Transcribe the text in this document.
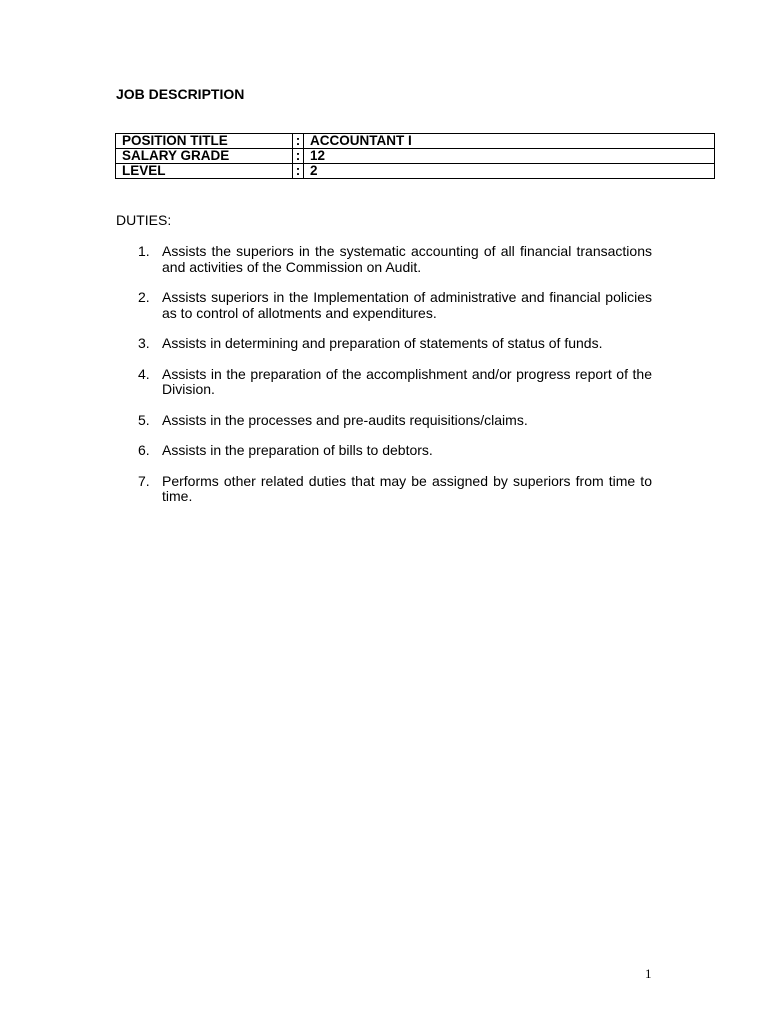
JOB DESCRIPTION
POSITION TITLE	:	ACCOUNTANT I
SALARY GRADE	:	12
LEVEL	:	2
DUTIES:
1. Assists the superiors in the systematic accounting of all financial transactions and activities of the Commission on Audit.
2. Assists superiors in the Implementation of administrative and financial policies as to control of allotments and expenditures.
3. Assists in determining and preparation of statements of status of funds.
4. Assists in the preparation of the accomplishment and/or progress report of the Division.
5. Assists in the processes and pre-audits requisitions/claims.
6. Assists in the preparation of bills to debtors.
7. Performs other related duties that may be assigned by superiors from time to time.
1
